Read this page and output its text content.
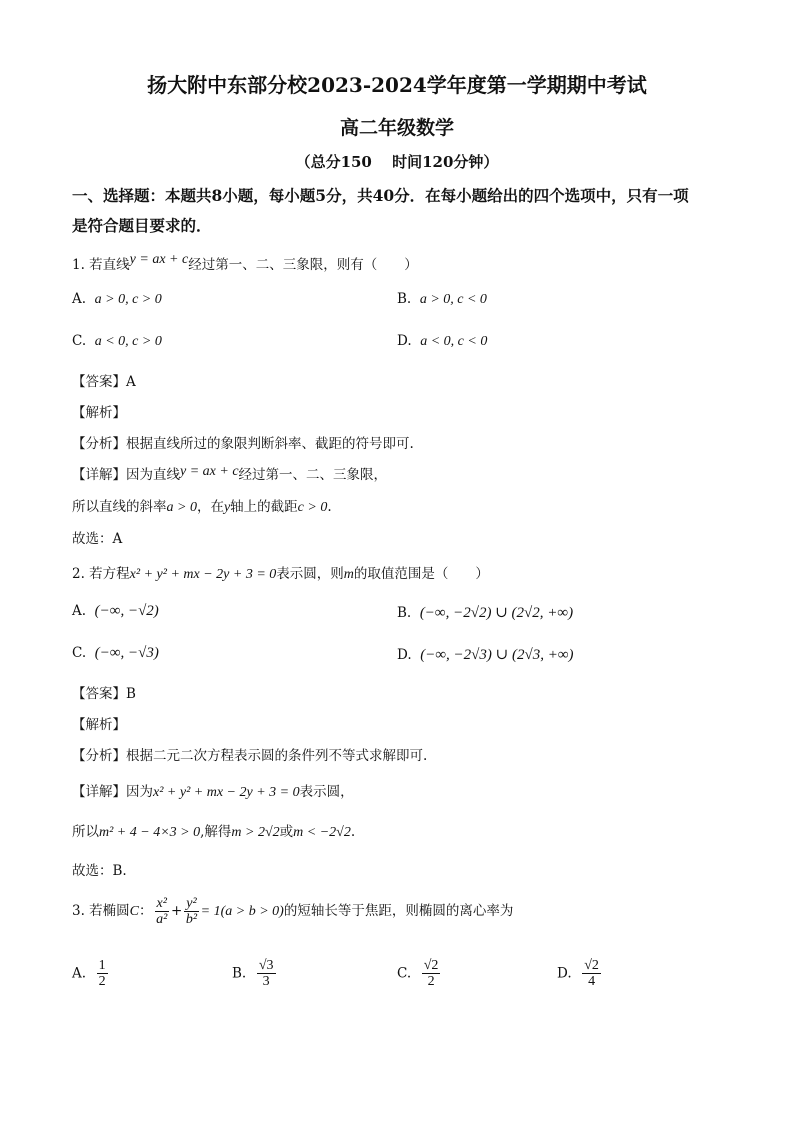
扬大附中东部分校2023-2024学年度第一学期期中考试
高二年级数学
（总分150　 时间120分钟）
一、选择题：本题共8小题，每小题5分，共40分．在每小题给出的四个选项中，只有一项
是符合题目要求的．
1. 若直线y = ax + c经过第一、二、三象限，则有（　　）
A. a > 0, c > 0	B. a > 0, c < 0
C. a < 0, c > 0	D. a < 0, c < 0
【答案】A
【解析】
【分析】根据直线所过的象限判断斜率、截距的符号即可.
【详解】因为直线y = ax + c经过第一、二、三象限，
所以直线的斜率a > 0，在y轴上的截距c > 0.
故选：A
2. 若方程x² + y² + mx − 2y + 3 = 0表示圆，则m的取值范围是（　　）
A. (−∞, −√2)	B. (−∞, −2√2) ∪ (2√2, +∞)
C. (−∞, −√3)	D. (−∞, −2√3) ∪ (2√3, +∞)
【答案】B
【解析】
【分析】根据二元二次方程表示圆的条件列不等式求解即可.
【详解】因为x² + y² + mx − 2y + 3 = 0表示圆，
所以m² + 4 − 4×3 > 0,解得m > 2√2或m < −2√2.
故选：B.
3. 若椭圆C： $\frac{\text{x²}}{\text{a²}} + \frac{\text{y²}}{\text{b²}} = 1(a > b > 0)$的短轴长等于焦距，则椭圆的离心率为
A. $\frac{1}{2}$	B. $\frac{√3}{3}$	C. $\frac{√2}{2}$	D. $\frac{√2}{4}$
